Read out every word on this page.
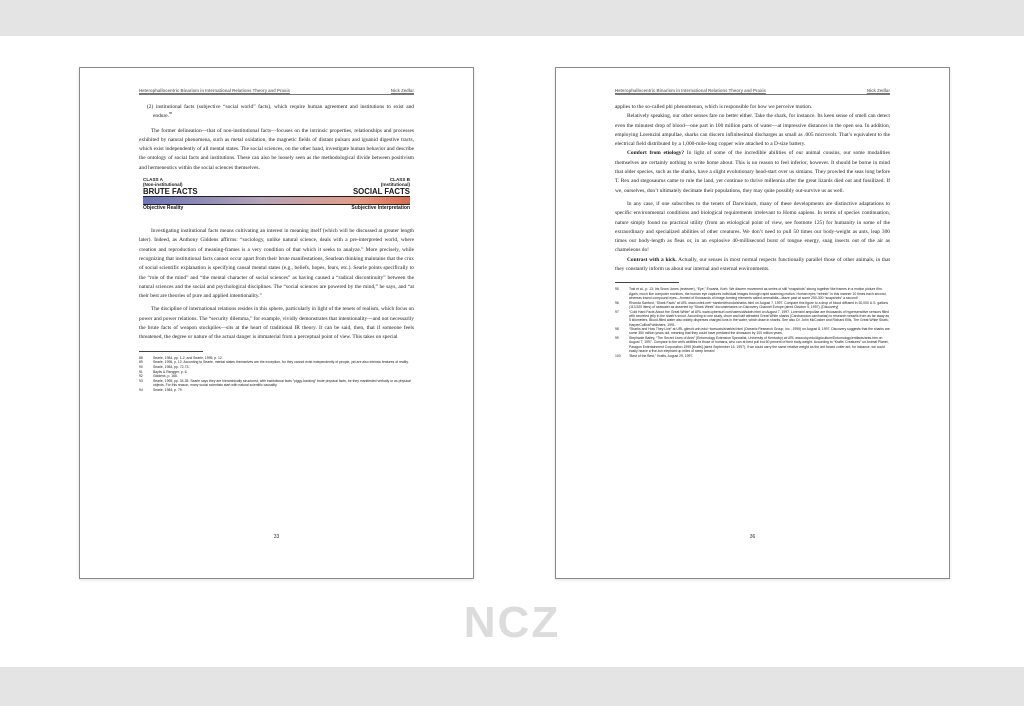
Heterophallocentric Binarism in International Relations Theory and Praxis	Nick Zedlar

(2) institutional facts (subjective “social world” facts), which require human agreement and institutions to exist and endure.$^{88}$

The former delineation—that of non-institutional facts—focuses on the intrinsic properties, relationships and processes exhibited by natural phenomena, such as metal oxidation, the magnetic fields of distant pulsars and iguanid digestive tracts, which exist independently of all mental states. The social sciences, on the other hand, investigate human behavior and describe the ontology of social facts and institutions. These can also be loosely seen as the methodological divide between positivism and hermeneutics within the social sciences themselves.

CLASS A
(Non-institutional)
BRUTE FACTS
CLASS B
(Institutional)
SOCIAL FACTS
Objective Reality	Subjective Interpretation

Investigating institutional facts means cultivating an interest in meaning itself (which will be discussed at greater length later). Indeed, as Anthony Giddens affirms: “sociology, unlike natural science, deals with a pre-interpreted world, where creation and reproduction of meaning-frames is a very condition of that which it seeks to analyze.” More precisely, while recognizing that institutional facts cannot occur apart from their brute manifestations, Searlean thinking maintains that the crux of social scientific explanation is specifying causal mental states (e.g., beliefs, hopes, fears, etc.). Searle points specifically to the “role of the mind” and “the mental character of social sciences” as having caused a “radical discontinuity” between the natural sciences and the social and psychological disciplines. The “social sciences are powered by the mind,” he says, and “at their best are theories of pure and applied intentionality.”

The discipline of international relations resides in this sphere, particularly in light of the tenets of realism, which focus on power and power relations. The “security dilemma,” for example, vividly demonstrates that intentionality—and not necessarily the brute facts of weapon stockpiles—sits at the heart of traditional IR theory. It can be said, then, that if someone feels threatened, the degree or nature of the actual danger is immaterial from a perceptual point of view. This takes on special

88	Searle, 1984, pp. 1-2, and Searle, 1995, p. 12.
89	Searle, 1995, p. 12. According to Searle, mental states themselves are the exception, for they cannot exist independently of people, yet are also intrinsic features of reality.
90	Searle, 1984, pp. 72-73.
91	Baylis & Rengger, p. 6.
92	Giddens, p. 166.
93	Searle, 1995, pp. 34-35. Searle says they are hierarchically structured, with institutional facts “piggy-backing” brute physical facts, be they manifested verbally or as physical objects. For this reason, many social scientists start with natural scientific causality.
94	Searle, 1984, p. 79.
33
Heterophallocentric Binarism in International Relations Theory and Praxis	Nick Zedlar

applies to the so-called phi phenomenon, which is responsible for how we perceive motion.

Relatively speaking, our other senses fare no better either. Take the shark, for instance. Its keen sense of smell can detect even the minutest drop of blood—one part in 100 million parts of water—at impressive distances in the open sea. In addition, employing Lorenzini ampullae, sharks can discern infinitesimal discharges as small as .005 microvolt. That’s equivalent to the electrical field distributed by a 1,000-mile-long copper wire attached to a D-size battery.

Comfort from etiology? In light of some of the incredible abilities of our animal cousins, our some modalities themselves are certainly nothing to write home about. This is no reason to feel inferior, however. It should be borne in mind that older species, such as the sharks, have a slight evolutionary head-start over us simians. They prowled the seas long before T. Rex and stegosaurus came to rule the land, yet continue to thrive millennia after the great lizards died out and fossilized. If we, ourselves, don’t ultimately decimate their populations, they may quite possibly out-survive us as well.

In any case, if one subscribes to the tenets of Darwinism, many of these developments are distinctive adaptations to specific environmental conditions and biological requirements irrelevant to Homo sapiens. In terms of species continuation, nature simply found no practical utility (from an etiological point of view, see footnote 125) for humanity in some of the extraordinary and specialized abilities of other creatures. We don’t need to pull 50 times our body-weight as ants, leap 300 times our body-length as fleas or, in an explosive 40-millisecond burst of tongue energy, snag insects out of the air as chameleons do!

Contrast with a kick. Actually, our senses in most normal respects functionally parallel those of other animals, in that they constantly inform us about our internal and external environments.

95	Tost et al., p. 13; Iris Snow Jones (reviewer), “Eye,” Encarta, Korb. We discern movement as series of still “snapshots” strung together like frames in a motion picture film. Again, much like computer monitors, the human eye captures individual images through rapid scanning motion. Human eyes “refresh” in this manner 10 times each second, whereas insect compound eyes—formed of thousands of image-forming elements called ommatidia—blaze past at some 250-300 “snapshots” a second!
96	Rhonda Sanford, “Shark Facts” at URL www.cntek.net/~sanford/rhonda/sharks.html on August 7, 1997. Compare this figure to a drop of blood diffused in 30,000 U.S. gallons (113,520 liters) of seawater as asserted by “Shark Week” documentaries on Discovery Channel Europe (aired October 5, 1997). [Discovery]
97	“Cold Hard Facts About the Great White” at URL www.cybersurf.com/users/dl/sdwh.html on August 7, 1997. Lorenzini ampullae are thousands of hypersensitive sensors filled with secreted jelly in the shark’s snout. According to one study, chum and bait attracted Great White sharks (Carcharodon carcharias) to research vessels from as far away as 5 kilometers. Blood-filled water also widely disperses charged ions in the water, which draw in sharks. See also Dr. John McCosker and Richard Ellis, The Great White Shark, HarperCollinsPublishers, 1991.
98	“Sharks and How They Live” at URL gilmoit.unh.edu/~kcesuxis/sharkist.html (Oceanic Research Group, Inc., 1995) on August 8, 1997. Discovery suggests that the sharks are some 350 million years old, meaning that they could have predated the dinosaurs by 100 million years.
99	Stephanie Bailey, “The Secret Lives of Ants” (Entomology Extension Specialist, University of Kentucky) at URL www.uky.edu/Agriculture/Entomology/entfacts/ants.htm on August 7, 1997. Compare to the ant’s abilities to those of humans, who can at best pull but 60 percent of their body-weight. According to “Krafts’ Creatures” on Animal Planet, Paragon Entertainment Corporation 1995 [Krafts] (aired September 16, 1997), if we could carry the same relative weight as the ant forced cutter ant, for instance, we could easily heave a five-ton elephant up miles of steep terrain!
100	“Best of the Best,” Krafts, August 29, 1997.
36
NCZ
